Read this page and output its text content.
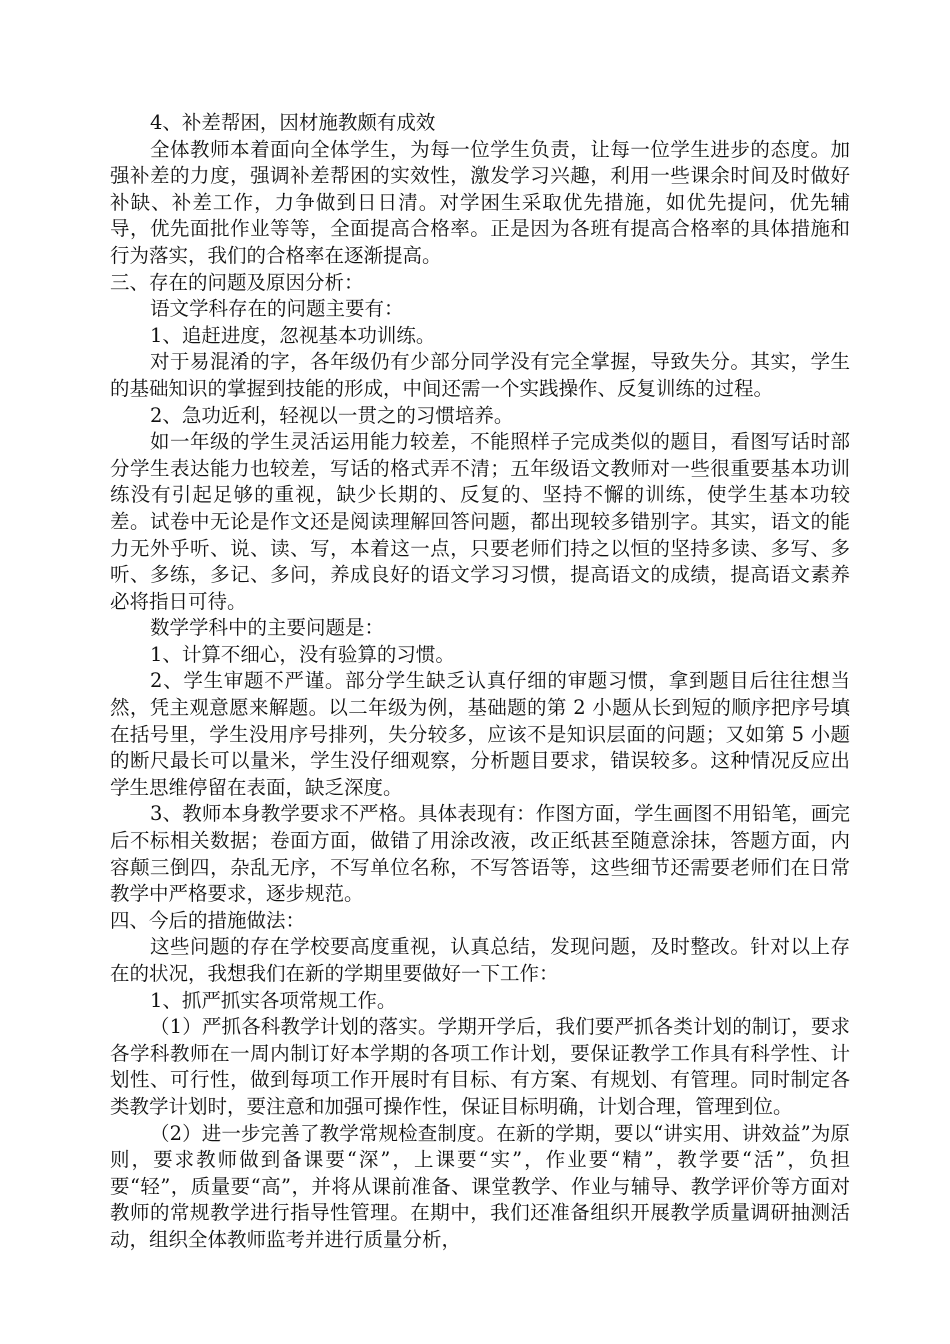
4、补差帮困，因材施教颇有成效

全体教师本着面向全体学生，为每一位学生负责，让每一位学生进步的态度。加强补差的力度，强调补差帮困的实效性，激发学习兴趣，利用一些课余时间及时做好补缺、补差工作，力争做到日日清。对学困生采取优先措施，如优先提问，优先辅导，优先面批作业等等，全面提高合格率。正是因为各班有提高合格率的具体措施和行为落实，我们的合格率在逐渐提高。

三、存在的问题及原因分析：

语文学科存在的问题主要有：

1、追赶进度，忽视基本功训练。

对于易混淆的字，各年级仍有少部分同学没有完全掌握，导致失分。其实，学生的基础知识的掌握到技能的形成，中间还需一个实践操作、反复训练的过程。

2、急功近利，轻视以一贯之的习惯培养。

如一年级的学生灵活运用能力较差，不能照样子完成类似的题目，看图写话时部分学生表达能力也较差，写话的格式弄不清；五年级语文教师对一些很重要基本功训练没有引起足够的重视，缺少长期的、反复的、坚持不懈的训练，使学生基本功较差。试卷中无论是作文还是阅读理解回答问题，都出现较多错别字。其实，语文的能力无外乎听、说、读、写，本着这一点，只要老师们持之以恒的坚持多读、多写、多听、多练，多记、多问，养成良好的语文学习习惯，提高语文的成绩，提高语文素养必将指日可待。

数学学科中的主要问题是：

1、计算不细心，没有验算的习惯。

2、学生审题不严谨。部分学生缺乏认真仔细的审题习惯，拿到题目后往往想当然，凭主观意愿来解题。以二年级为例，基础题的第 2 小题从长到短的顺序把序号填在括号里，学生没用序号排列，失分较多，应该不是知识层面的问题；又如第 5 小题的断尺最长可以量米，学生没仔细观察，分析题目要求，错误较多。这种情况反应出学生思维停留在表面，缺乏深度。

3、教师本身教学要求不严格。具体表现有：作图方面，学生画图不用铅笔，画完后不标相关数据；卷面方面，做错了用涂改液，改正纸甚至随意涂抹，答题方面，内容颠三倒四，杂乱无序，不写单位名称，不写答语等，这些细节还需要老师们在日常教学中严格要求，逐步规范。

四、今后的措施做法：

这些问题的存在学校要高度重视，认真总结，发现问题，及时整改。针对以上存在的状况，我想我们在新的学期里要做好一下工作：

1、抓严抓实各项常规工作。

（1）严抓各科教学计划的落实。学期开学后，我们要严抓各类计划的制订，要求各学科教师在一周内制订好本学期的各项工作计划，要保证教学工作具有科学性、计划性、可行性，做到每项工作开展时有目标、有方案、有规划、有管理。同时制定各类教学计划时，要注意和加强可操作性，保证目标明确，计划合理，管理到位。

（2）进一步完善了教学常规检查制度。在新的学期，要以“讲实用、讲效益”为原则，要求教师做到备课要“深”，上课要“实”，作业要“精”，教学要“活”，负担要“轻”，质量要“高”，并将从课前准备、课堂教学、作业与辅导、教学评价等方面对教师的常规教学进行指导性管理。在期中，我们还准备组织开展教学质量调研抽测活动，组织全体教师监考并进行质量分析，
